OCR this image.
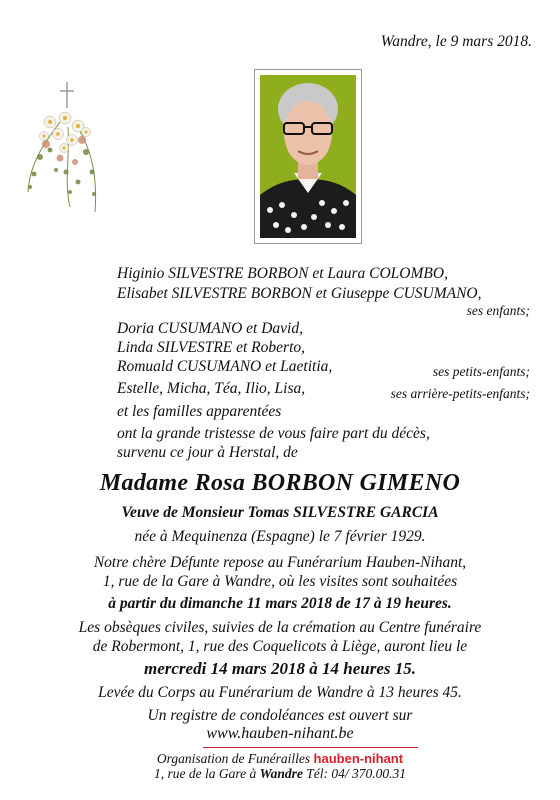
Wandre, le 9 mars 2018.
Higinio SILVESTRE BORBON et Laura COLOMBO,
Elisabet SILVESTRE BORBON et Giuseppe CUSUMANO,
ses enfants;
Doria CUSUMANO et David,
Linda SILVESTRE et Roberto,
Romuald CUSUMANO et Laetitia,	ses petits-enfants;
Estelle, Micha, Téa, Ilio, Lisa,	ses arrière-petits-enfants;
et les familles apparentées
ont la grande tristesse de vous faire part du décès,
survenu ce jour à Herstal, de
Madame Rosa BORBON GIMENO
Veuve de Monsieur Tomas SILVESTRE GARCIA
née à Mequinenza (Espagne) le 7 février 1929.
Notre chère Défunte repose au Funérarium Hauben-Nihant,
1, rue de la Gare à Wandre, où les visites sont souhaitées
à partir du dimanche 11 mars 2018 de 17 à 19 heures.
Les obsèques civiles, suivies de la crémation au Centre funéraire
de Robermont, 1, rue des Coquelicots à Liège, auront lieu le
mercredi 14 mars 2018 à 14 heures 15.
Levée du Corps au Funérarium de Wandre à 13 heures 45.
Un registre de condoléances est ouvert sur
www.hauben-nihant.be
Organisation de Funérailles hauben-nihant
1, rue de la Gare à Wandre Tél: 04/ 370.00.31
